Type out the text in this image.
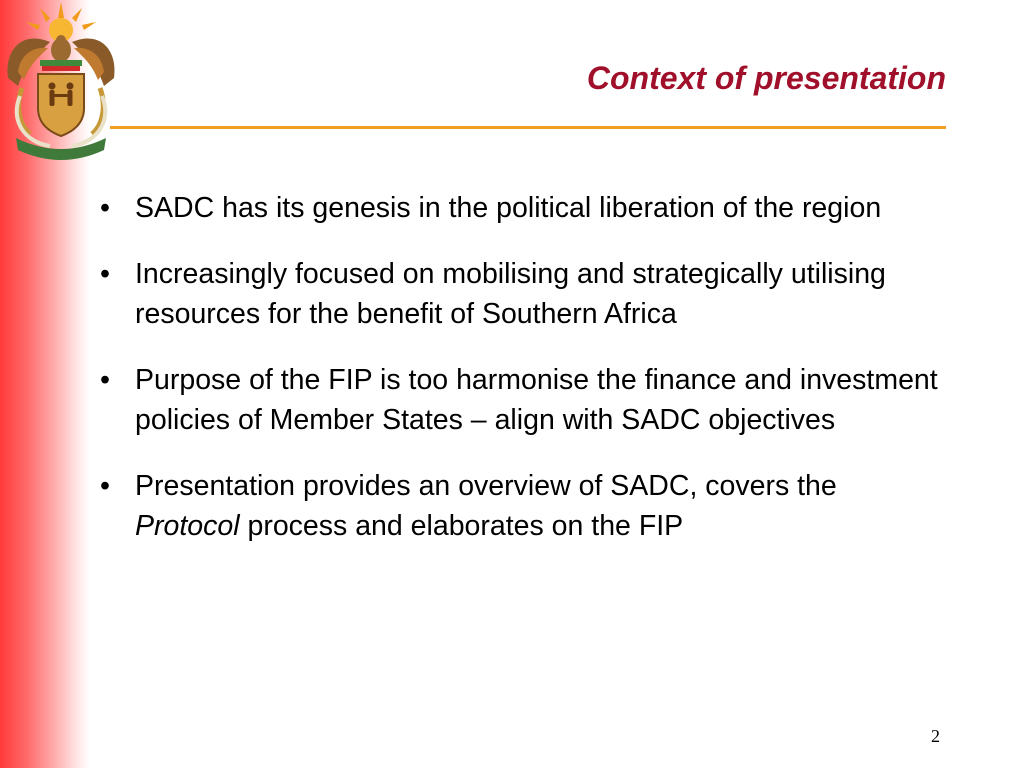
Context of presentation
• SADC has its genesis in the political liberation of the region
• Increasingly focused on mobilising and strategically utilising resources for the benefit of Southern Africa
• Purpose of the FIP is too harmonise the finance and investment policies of Member States – align with SADC objectives
• Presentation provides an overview of SADC, covers the Protocol process and elaborates on the FIP
2
